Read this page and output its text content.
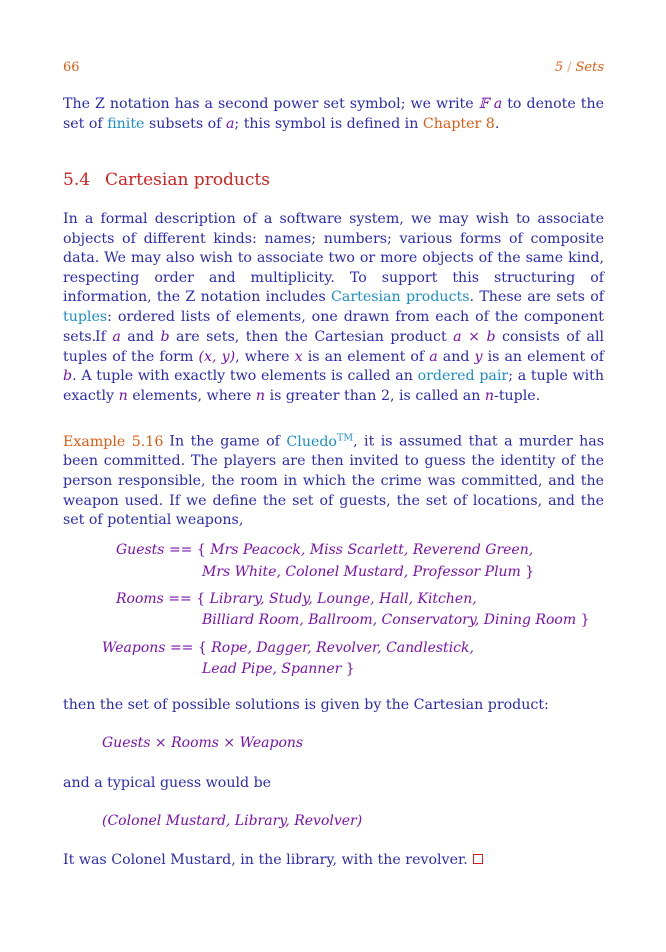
66	5 / Sets
The Z notation has a second power set symbol; we write 𝔽 a to denote the set of finite subsets of a; this symbol is defined in Chapter 8.
5.4 Cartesian products
In a formal description of a software system, we may wish to associate objects of different kinds: names; numbers; various forms of composite data. We may also wish to associate two or more objects of the same kind, respecting order and multiplicity. To support this structuring of information, the Z notation includes Cartesian products. These are sets of tuples: ordered lists of elements, one drawn from each of the component sets.
If a and b are sets, then the Cartesian product a × b consists of all tuples of the form (x, y), where x is an element of a and y is an element of b. A tuple with exactly two elements is called an ordered pair; a tuple with exactly n elements, where n is greater than 2, is called an n-tuple.
Example 5.16 In the game of Cluedo™, it is assumed that a murder has been committed. The players are then invited to guess the identity of the person responsible, the room in which the crime was committed, and the weapon used. If we define the set of guests, the set of locations, and the set of potential weapons,
Guests == { Mrs Peacock, Miss Scarlett, Reverend Green,
Mrs White, Colonel Mustard, Professor Plum }
Rooms == { Library, Study, Lounge, Hall, Kitchen,
Billiard Room, Ballroom, Conservatory, Dining Room }
Weapons == { Rope, Dagger, Revolver, Candlestick,
Lead Pipe, Spanner }
then the set of possible solutions is given by the Cartesian product:
Guests × Rooms × Weapons
and a typical guess would be
(Colonel Mustard, Library, Revolver)
It was Colonel Mustard, in the library, with the revolver.
